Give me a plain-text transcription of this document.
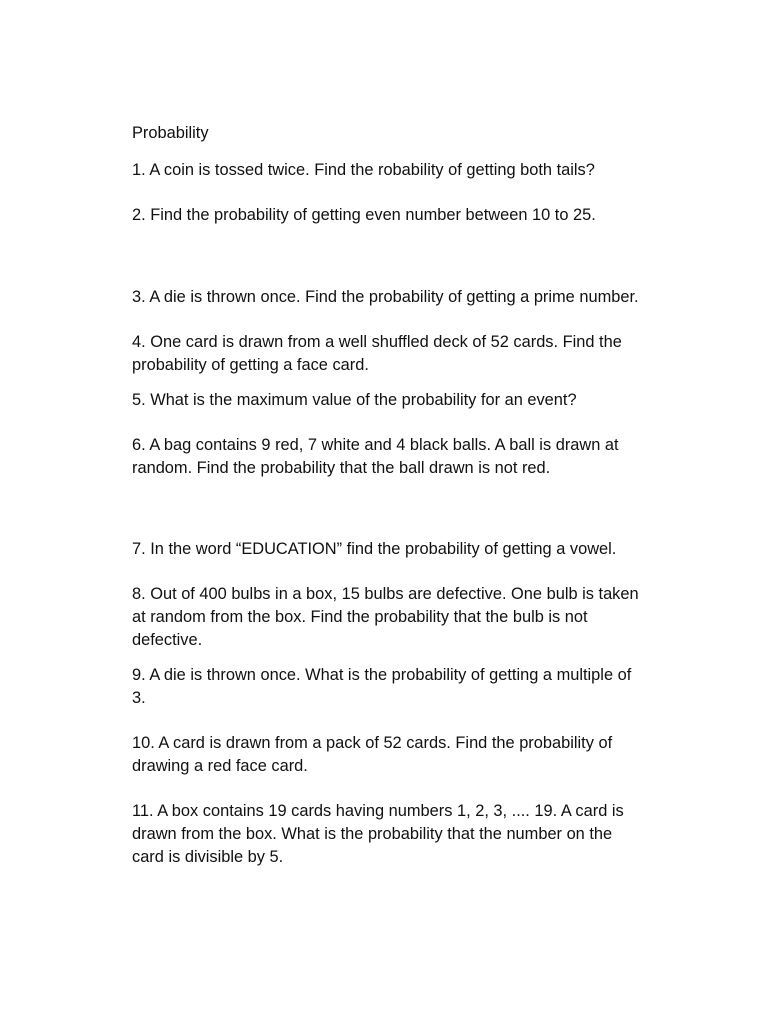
Probability

1. A coin is tossed twice. Find the robability of getting both tails?

2. Find the probability of getting even number between 10 to 25.

3. A die is thrown once. Find the probability of getting a prime number.

4. One card is drawn from a well shuffled deck of 52 cards. Find the probability of getting a face card.

5. What is the maximum value of the probability for an event?

6. A bag contains 9 red, 7 white and 4 black balls. A ball is drawn at random. Find the probability that the ball drawn is not red.

7. In the word “EDUCATION” find the probability of getting a vowel.

8. Out of 400 bulbs in a box, 15 bulbs are defective. One bulb is taken at random from the box. Find the probability that the bulb is not defective.

9. A die is thrown once. What is the probability of getting a multiple of 3.

10. A card is drawn from a pack of 52 cards. Find the probability of drawing a red face card.

11. A box contains 19 cards having numbers 1, 2, 3, .... 19. A card is drawn from the box. What is the probability that the number on the card is divisible by 5.
